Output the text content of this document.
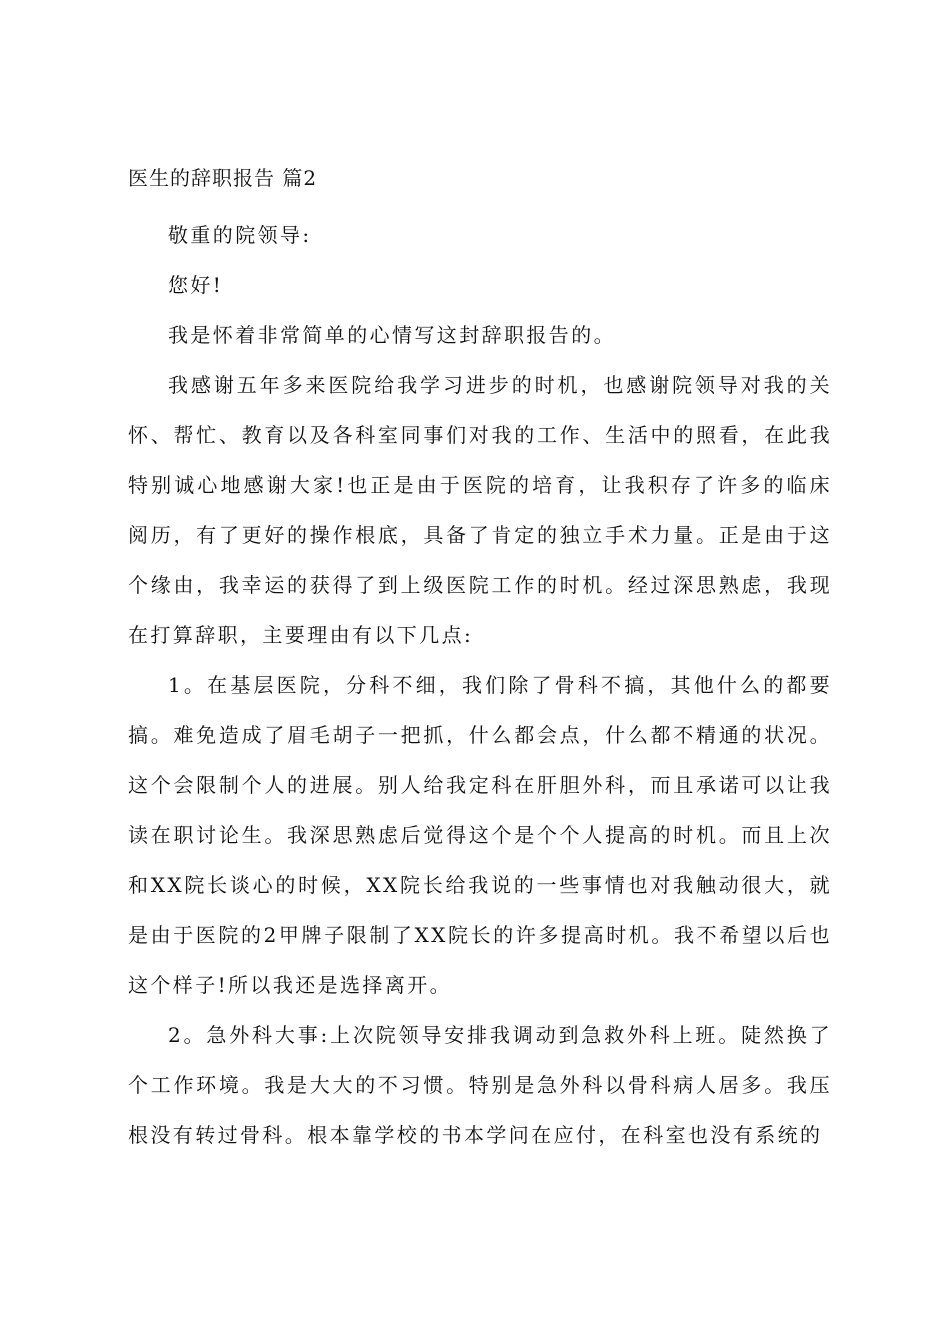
医生的辞职报告 篇2

敬重的院领导:

您好!

我是怀着非常简单的心情写这封辞职报告的。

我感谢五年多来医院给我学习进步的时机，也感谢院领导对我的关怀、帮忙、教育以及各科室同事们对我的工作、生活中的照看，在此我特别诚心地感谢大家!也正是由于医院的培育，让我积存了许多的临床阅历，有了更好的操作根底，具备了肯定的独立手术力量。正是由于这个缘由，我幸运的获得了到上级医院工作的时机。经过深思熟虑，我现在打算辞职，主要理由有以下几点:

1。在基层医院，分科不细，我们除了骨科不搞，其他什么的都要搞。难免造成了眉毛胡子一把抓，什么都会点，什么都不精通的状况。这个会限制个人的进展。别人给我定科在肝胆外科，而且承诺可以让我读在职讨论生。我深思熟虑后觉得这个是个个人提高的时机。而且上次和XX院长谈心的时候，XX院长给我说的一些事情也对我触动很大，就是由于医院的2甲牌子限制了XX院长的许多提高时机。我不希望以后也这个样子!所以我还是选择离开。

2。急外科大事:上次院领导安排我调动到急救外科上班。陡然换了个工作环境。我是大大的不习惯。特别是急外科以骨科病人居多。我压根没有转过骨科。根本靠学校的书本学问在应付，在科室也没有系统的
